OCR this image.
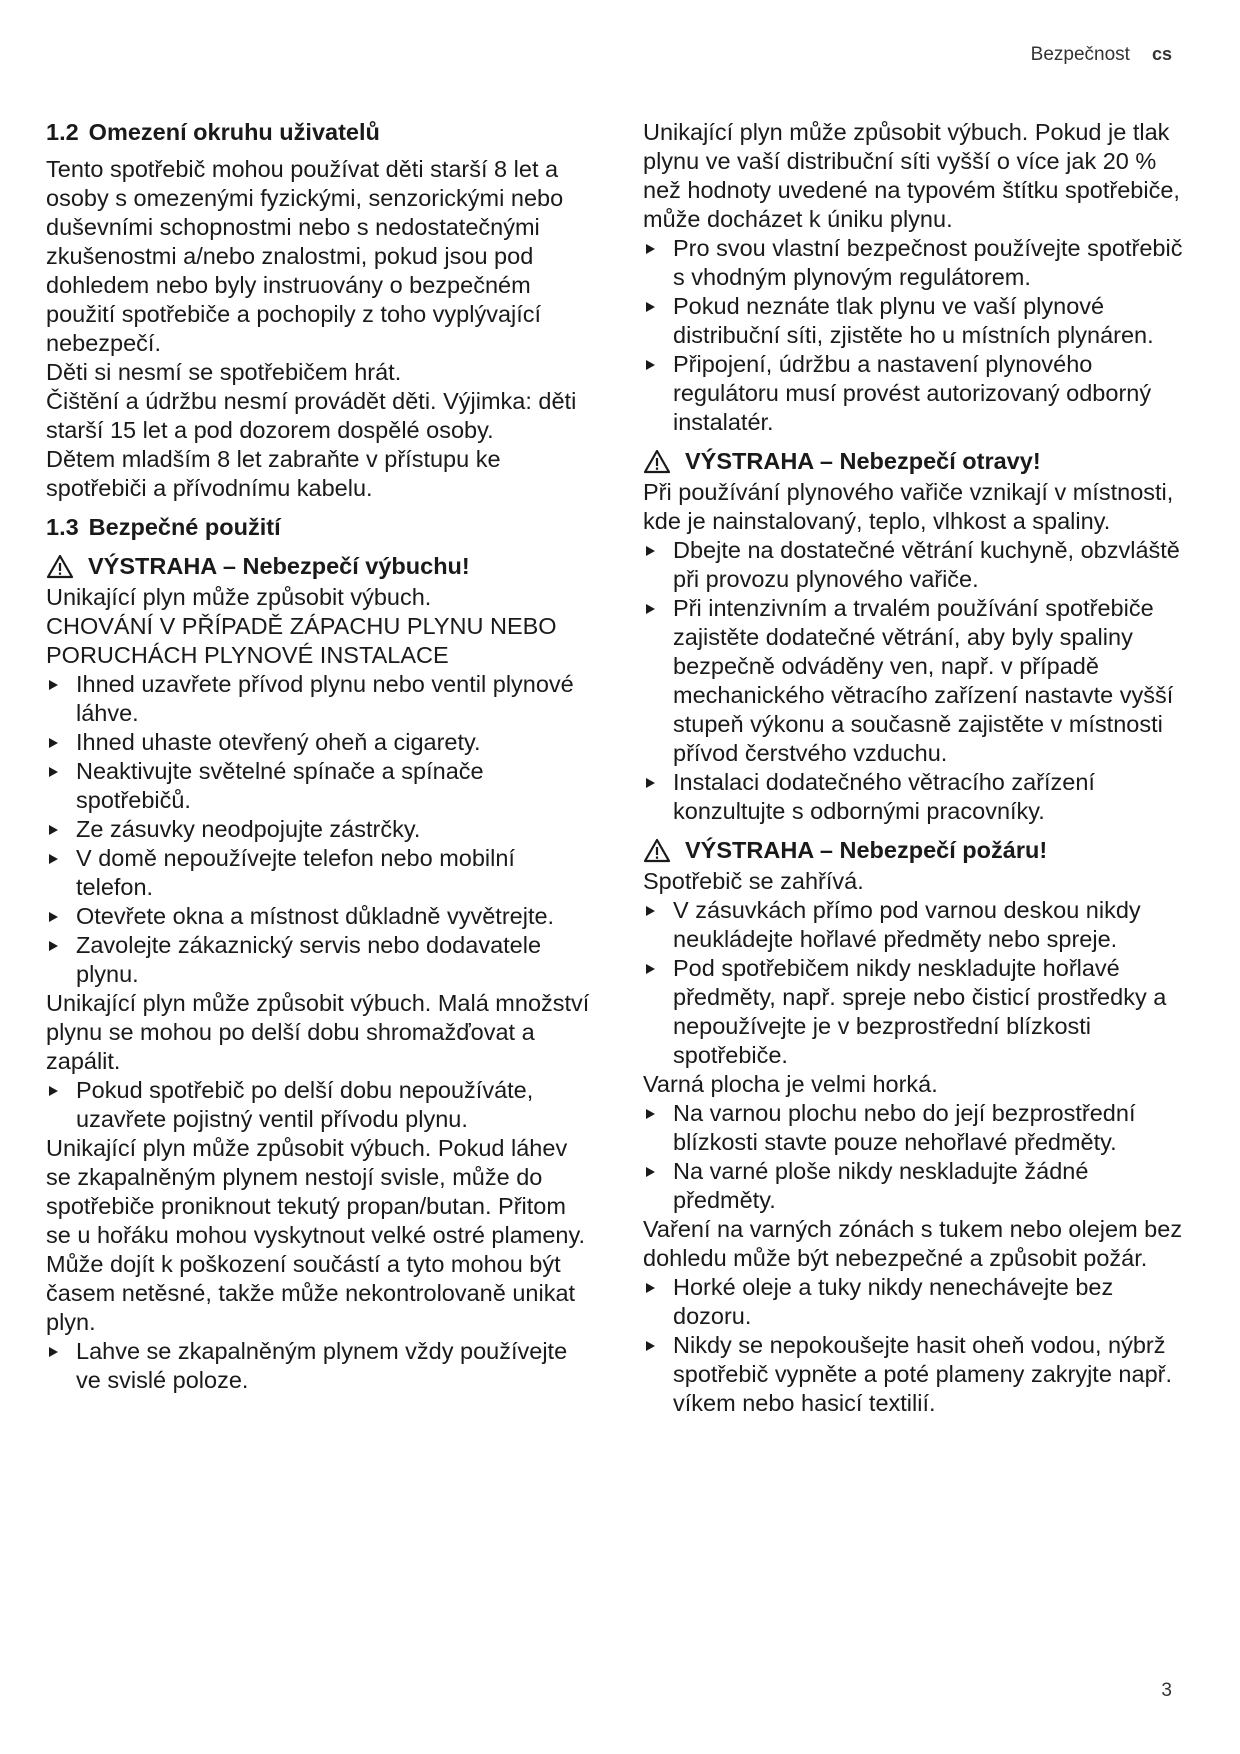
Bezpečnost cs
1.2 Omezení okruhu uživatelů

Tento spotřebič mohou používat děti starší 8 let a osoby s omezenými fyzickými, senzorickými nebo duševními schopnostmi nebo s nedostatečnými zkušenostmi a/nebo znalostmi, pokud jsou pod dohledem nebo byly instruovány o bezpečném použití spotřebiče a pochopily z toho vyplývající nebezpečí.

Děti si nesmí se spotřebičem hrát.

Čištění a údržbu nesmí provádět děti. Výjimka: děti starší 15 let a pod dozorem dospělé osoby.

Dětem mladším 8 let zabraňte v přístupu ke spotřebiči a přívodnímu kabelu.

1.3 Bezpečné použití
VÝSTRAHA – Nebezpečí výbuchu!

Unikající plyn může způsobit výbuch.

CHOVÁNÍ V PŘÍPADĚ ZÁPACHU PLYNU NEBO PORUCHÁCH PLYNOVÉ INSTALACE

Ihned uzavřete přívod plynu nebo ventil plynové láhve.
Ihned uhaste otevřený oheň a cigarety.
Neaktivujte světelné spínače a spínače spotřebičů.
Ze zásuvky neodpojujte zástrčky.
V domě nepoužívejte telefon nebo mobilní telefon.
Otevřete okna a místnost důkladně vyvětrejte.
Zavolejte zákaznický servis nebo dodavatele plynu.

Unikající plyn může způsobit výbuch. Malá množství plynu se mohou po delší dobu shromažďovat a zapálit.

Pokud spotřebič po delší dobu nepoužíváte, uzavřete pojistný ventil přívodu plynu.

Unikající plyn může způsobit výbuch. Pokud láhev se zkapalněným plynem nestojí svisle, může do spotřebiče proniknout tekutý propan/butan. Přitom se u hořáku mohou vyskytnout velké ostré plameny. Může dojít k poškození součástí a tyto mohou být časem netěsné, takže může nekontrolovaně unikat plyn.

Lahve se zkapalněným plynem vždy používejte ve svislé poloze.

Unikající plyn může způsobit výbuch. Pokud je tlak plynu ve vaší distribuční síti vyšší o více jak 20 % než hodnoty uvedené na typovém štítku spotřebiče, může docházet k úniku plynu.

Pro svou vlastní bezpečnost používejte spotřebič s vhodným plynovým regulátorem.
Pokud neznáte tlak plynu ve vaší plynové distribuční síti, zjistěte ho u místních plynáren.
Připojení, údržbu a nastavení plynového regulátoru musí provést autorizovaný odborný instalatér.
VÝSTRAHA – Nebezpečí otravy!

Při používání plynového vařiče vznikají v místnosti, kde je nainstalovaný, teplo, vlhkost a spaliny.

Dbejte na dostatečné větrání kuchyně, obzvláště při provozu plynového vařiče.
Při intenzivním a trvalém používání spotřebiče zajistěte dodatečné větrání, aby byly spaliny bezpečně odváděny ven, např. v případě mechanického větracího zařízení nastavte vyšší stupeň výkonu a současně zajistěte v místnosti přívod čerstvého vzduchu.
Instalaci dodatečného větracího zařízení konzultujte s odbornými pracovníky.
VÝSTRAHA – Nebezpečí požáru!

Spotřebič se zahřívá.

V zásuvkách přímo pod varnou deskou nikdy neukládejte hořlavé předměty nebo spreje.
Pod spotřebičem nikdy neskladujte hořlavé předměty, např. spreje nebo čisticí prostředky a nepoužívejte je v bezprostřední blízkosti spotřebiče.

Varná plocha je velmi horká.

Na varnou plochu nebo do její bezprostřední blízkosti stavte pouze nehořlavé předměty.
Na varné ploše nikdy neskladujte žádné předměty.

Vaření na varných zónách s tukem nebo olejem bez dohledu může být nebezpečné a způsobit požár.

Horké oleje a tuky nikdy nenechávejte bez dozoru.
Nikdy se nepokoušejte hasit oheň vodou, nýbrž spotřebič vypněte a poté plameny zakryjte např. víkem nebo hasicí textilií.
3
